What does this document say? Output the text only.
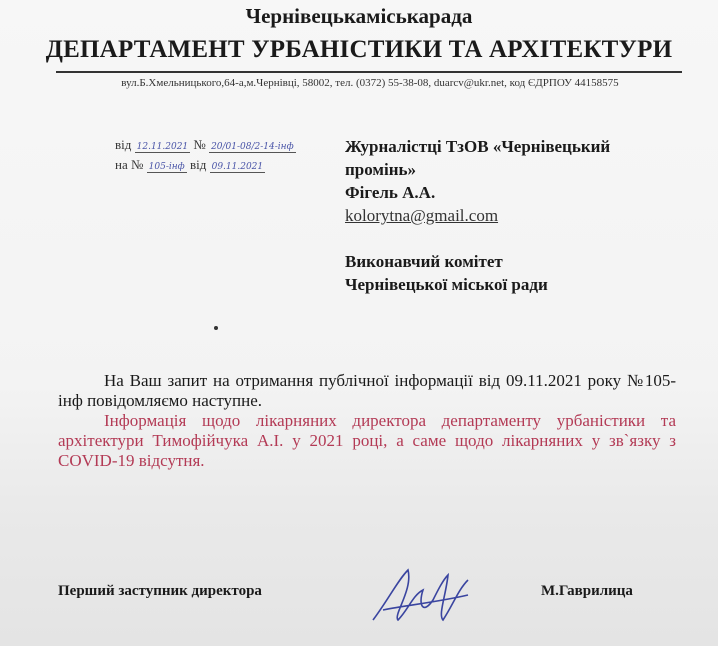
Чернівецькаміськарада
ДЕПАРТАМЕНТ УРБАНІСТИКИ ТА АРХІТЕКТУРИ
вул.Б.Хмельницького,64-а,м.Чернівці, 58002, тел. (0372) 55-38-08, duarcv@ukr.net, код ЄДРПОУ 44158575
від 12.11.2021 № 20/01-08/2-14-інф
на № 105-інф від 09.11.2021
Журналістці ТзОВ «Чернівецький
промінь»
Фігель А.А.
kolorytna@gmail.com
Виконавчий комітет
Чернівецької міської ради
На Ваш запит на отримання публічної інформації від 09.11.2021 року №105-інф повідомляємо наступне.
Інформація щодо лікарняних директора департаменту урбаністики та архітектури Тимофійчука А.І. у 2021 році, а саме щодо лікарняних у зв`язку з COVID-19 відсутня.
Перший заступник директора	М.Гаврилица
